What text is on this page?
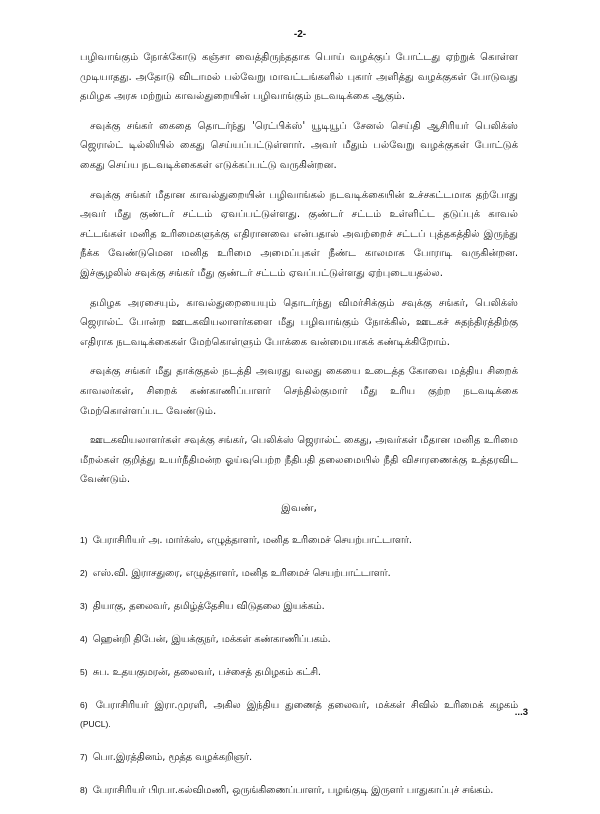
-2-

பழிவாங்கும் நோக்கோடு கஞ்சா வைத்திருந்ததாக பொய் வழக்குப் போட்டது ஏற்றுக் கொள்ள முடியாதது. அதோடு விடாமல் பல்வேறு மாவட்டங்களில் புகார் அளித்து வழக்குகள் போடுவது தமிழக அரசு மற்றும் காவல்துறையின் பழிவாங்கும் நடவடிக்கை ஆகும்.

சவுக்கு சங்கர் கைதை தொடர்ந்து 'ரெட்பிக்ஸ்' யூடியூப் சேனல் செய்தி ஆசிரியர் பெலிக்ஸ் ஜெரால்ட் டில்லியில் கைது செய்யப்பட்டுள்ளார். அவர் மீதும் பல்வேறு வழக்குகள் போட்டுக் கைது செய்ய நடவடிக்கைகள் எடுக்கப்பட்டு வருகின்றன.

சவுக்கு சங்கர் மீதான காவல்துறையின் பழிவாங்கல் நடவடிக்கையின் உச்சகட்டமாக தற்போது அவர் மீது குண்டர் சட்டம் ஏவப்பட்டுள்ளது. குண்டர் சட்டம் உள்ளிட்ட தடுப்புக் காவல் சட்டங்கள் மனித உரிமைகளுக்கு எதிரானவை என்பதால் அவற்றைச் சட்டப் புத்தகத்தில் இருந்து நீக்க வேண்டுமென மனித உரிமை அமைப்புகள் நீண்ட காலமாக போராடி வருகின்றன. இச்சூழலில் சவுக்கு சங்கர் மீது குண்டர் சட்டம் ஏவப்பட்டுள்ளது ஏற்புடையதல்ல.

தமிழக அரசையும், காவல்துறையையும் தொடர்ந்து விமர்சிக்கும் சவுக்கு சங்கர், பெலிக்ஸ் ஜெரால்ட் போன்ற ஊடகவியலாளர்களை மீது பழிவாங்கும் நோக்கில், ஊடகச் சுதந்திரத்திற்கு எதிராக நடவடிக்கைகள் மேற்கொள்ளும் போக்கை வன்மையாகக் கண்டிக்கிறோம்.

சவுக்கு சங்கர் மீது தாக்குதல் நடத்தி அவரது வலது கையை உடைத்த கோவை மத்திய சிறைக் காவலர்கள், சிறைக் கண்காணிப்பாளர் செந்தில்குமார் மீது உரிய குற்ற நடவடிக்கை மேற்கொள்ளப்பட வேண்டும்.

ஊடகவியலாளர்கள் சவுக்கு சங்கர், பெலிக்ஸ் ஜெரால்ட் கைது, அவர்கள் மீதான மனித உரிமை மீறல்கள் குறித்து உயர்நீதிமன்ற ஓய்வுபெற்ற நீதிபதி தலைமையில் நீதி விசாரணைக்கு உத்தரவிட வேண்டும்.

இவண்,

1) பேராசிரியர் அ. மார்க்ஸ், எழுத்தாளர், மனித உரிமைச் செயற்பாட்டாளர்.

2) எஸ்.வி. இராசதுரை, எழுத்தாளர், மனித உரிமைச் செயற்பாட்டாளர்.

3) தியாகு, தலைவர், தமிழ்த்தேசிய விடுதலை இயக்கம்.

4) ஹென்றி திபேன், இயக்குநர், மக்கள் கண்காணிப்பகம்.

5) சுப. உதயகுமரன், தலைவர், பச்சைத் தமிழகம் கட்சி.

6) பேராசிரியர் இரா.முரளி, அகில இந்திய துணைத் தலைவர், மக்கள் சிவில் உரிமைக் கழகம் (PUCL).

7) பொ.இரத்தினம், மூத்த வழக்கறிஞர்.

8) பேராசிரியர் பிரபா.கல்விமணி, ஒருங்கிணைப்பாளர், பழங்குடி இருளர் பாதுகாப்புச் சங்கம்.

...3
